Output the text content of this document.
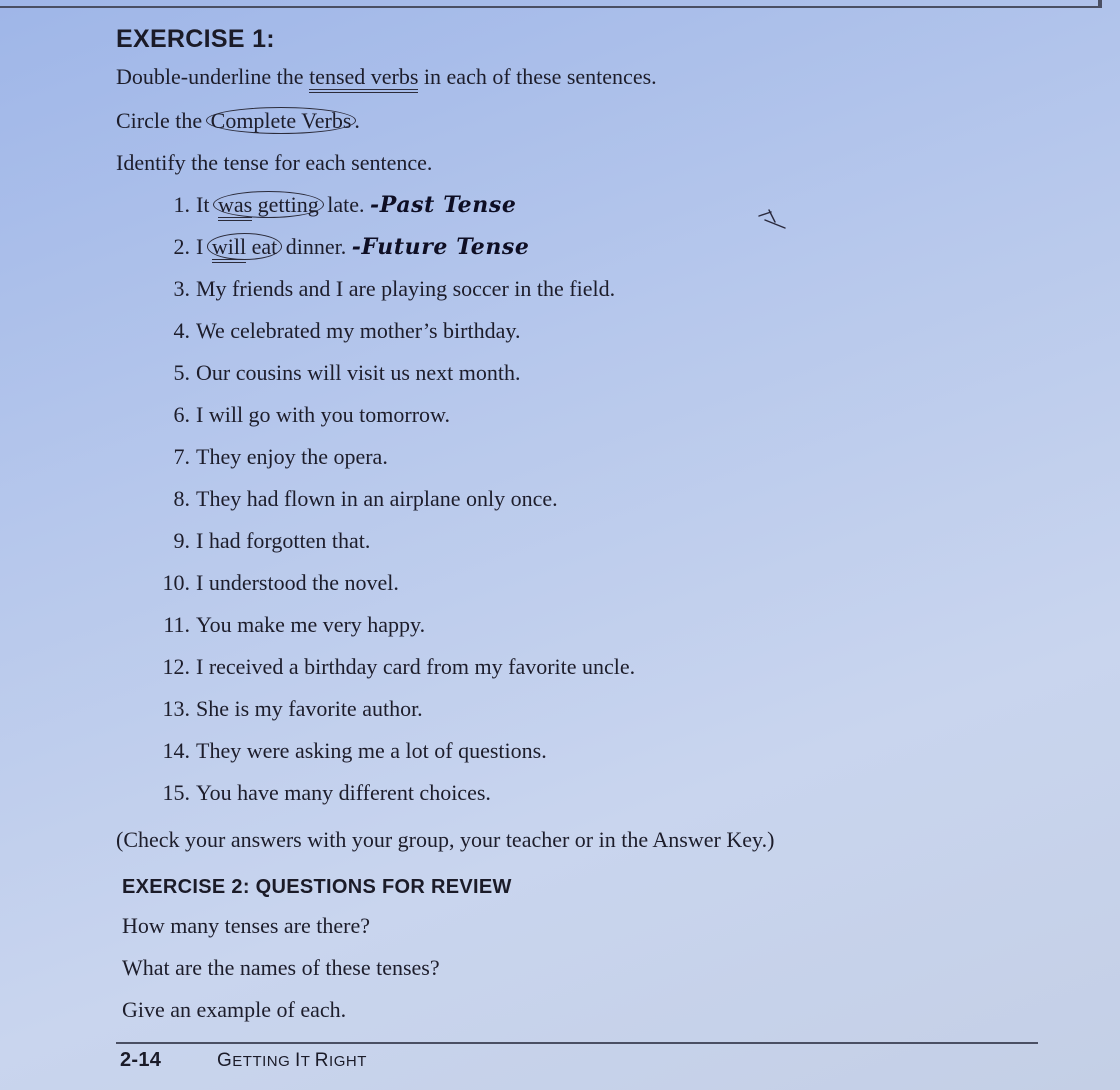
EXERCISE 1:
Double-underline the tensed verbs in each of these sentences.
Circle the Complete Verbs .
Identify the tense for each sentence.
1. It was getting late. -Past Tense
2. I will eat dinner. -Future Tense
3. My friends and I are playing soccer in the field.
4. We celebrated my mother’s birthday.
5. Our cousins will visit us next month.
6. I will go with you tomorrow.
7. They enjoy the opera.
8. They had flown in an airplane only once.
9. I had forgotten that.
10. I understood the novel.
11. You make me very happy.
12. I received a birthday card from my favorite uncle.
13. She is my favorite author.
14. They were asking me a lot of questions.
15. You have many different choices.
(Check your answers with your group, your teacher or in the Answer Key.)
EXERCISE 2: QUESTIONS FOR REVIEW
How many tenses are there?
What are the names of these tenses?
Give an example of each.
2-14	GETTING IT RIGHT
